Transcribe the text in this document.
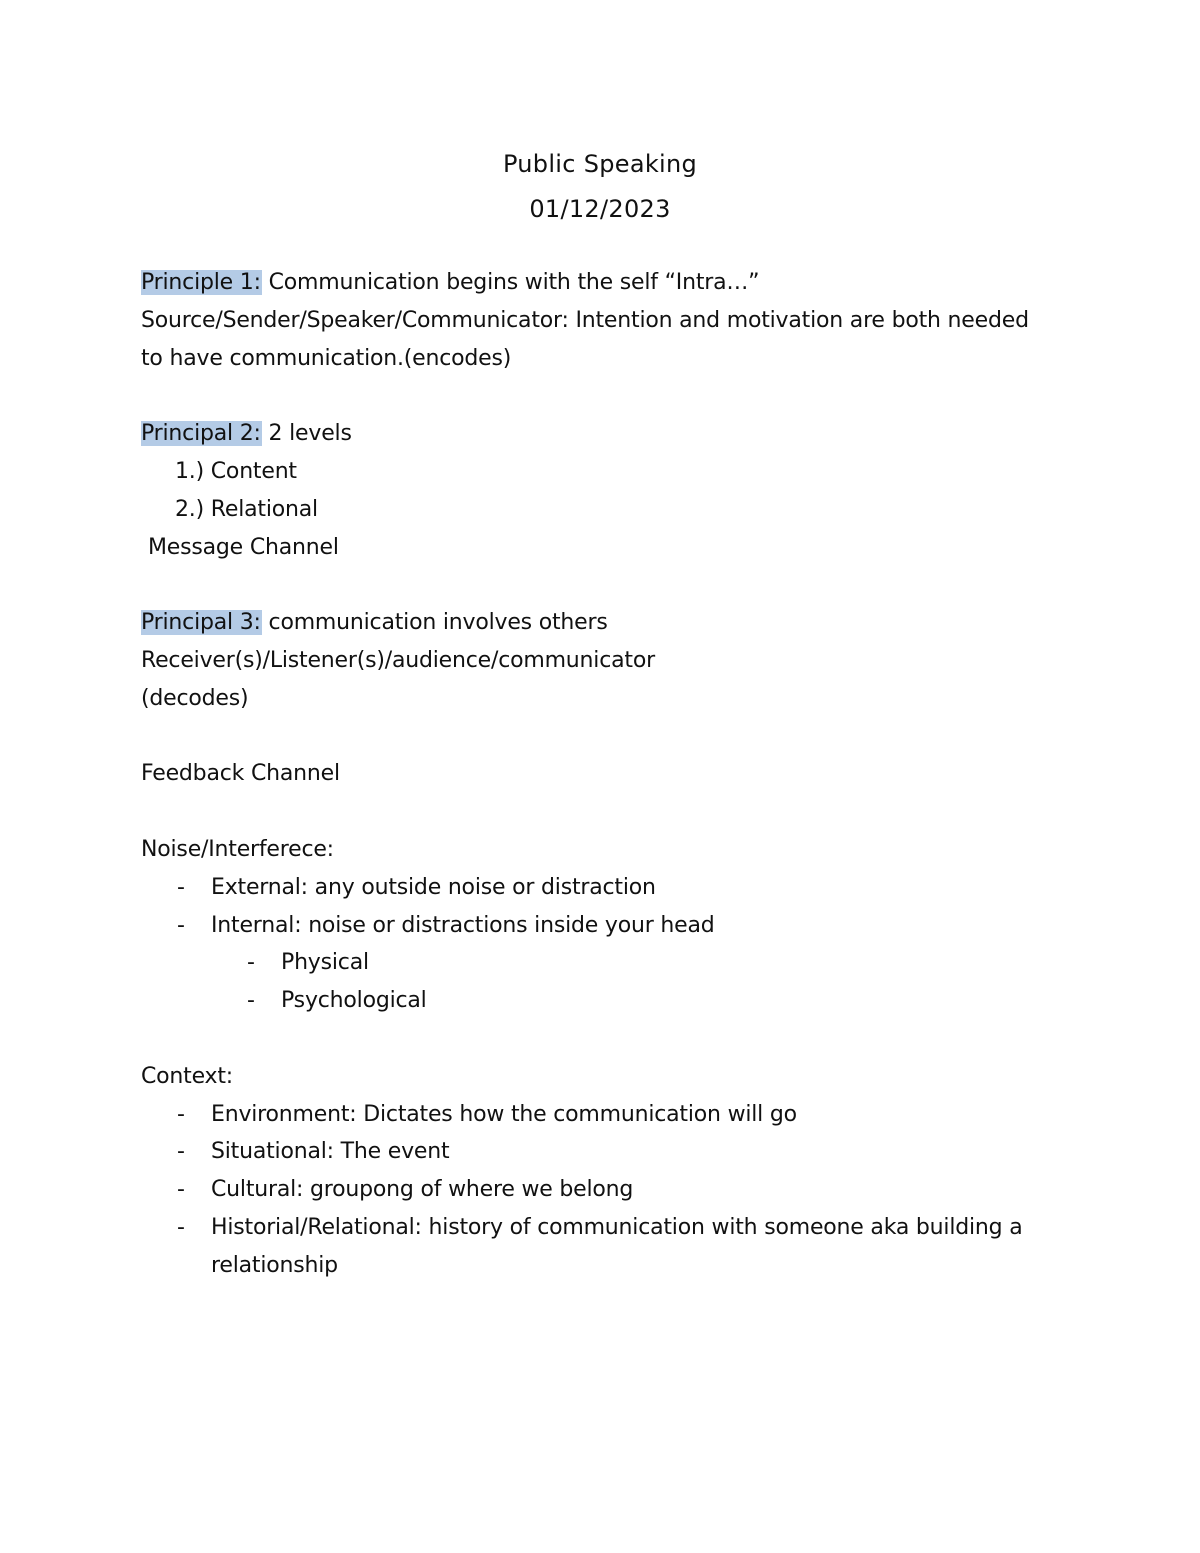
Public Speaking
01/12/2023
Principle 1: Communication begins with the self “Intra…”
Source/Sender/Speaker/Communicator: Intention and motivation are both needed
to have communication.(encodes)
Principal 2: 2 levels
1.) Content
2.) Relational
Message Channel
Principal 3: communication involves others
Receiver(s)/Listener(s)/audience/communicator
(decodes)
Feedback Channel
Noise/Interferece:
-	External: any outside noise or distraction
-	Internal: noise or distractions inside your head
-	Physical
-	Psychological
Context:
-	Environment: Dictates how the communication will go
-	Situational: The event
-	Cultural: groupong of where we belong
-	Historial/Relational: history of communication with someone aka building a relationship
